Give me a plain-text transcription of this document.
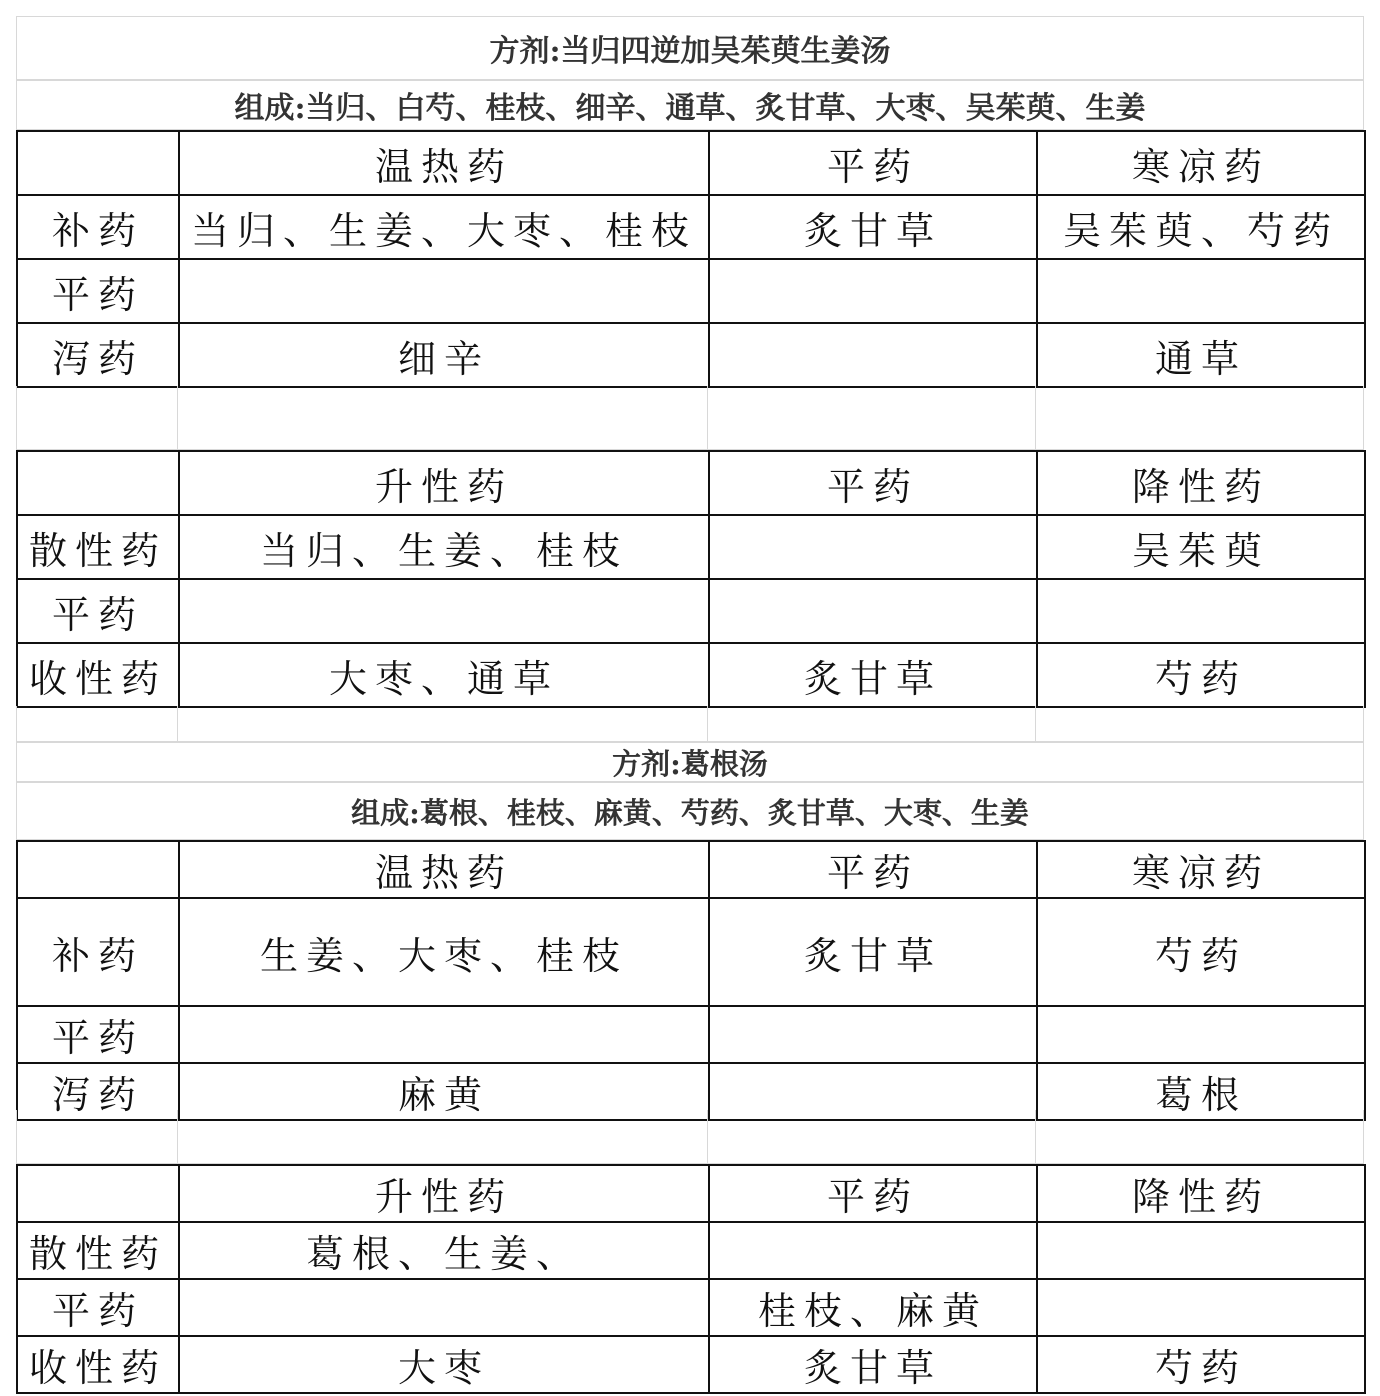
方剂:当归四逆加吴茱萸生姜汤
组成:当归、白芍、桂枝、细辛、通草、炙甘草、大枣、吴茱萸、生姜
	温热药	平药	寒凉药
补药	当归、生姜、大枣、桂枝	炙甘草	吴茱萸、芍药
平药			
泻药	细辛		通草
	升性药	平药	降性药
散性药	当归、生姜、桂枝		吴茱萸
平药			
收性药	大枣、通草	炙甘草	芍药
方剂:葛根汤
组成:葛根、桂枝、麻黄、芍药、炙甘草、大枣、生姜
	温热药	平药	寒凉药
补药	生姜、大枣、桂枝	炙甘草	芍药
平药			
泻药	麻黄		葛根
	升性药	平药	降性药
散性药	葛根、生姜、		
平药		桂枝、麻黄	
收性药	大枣	炙甘草	芍药
